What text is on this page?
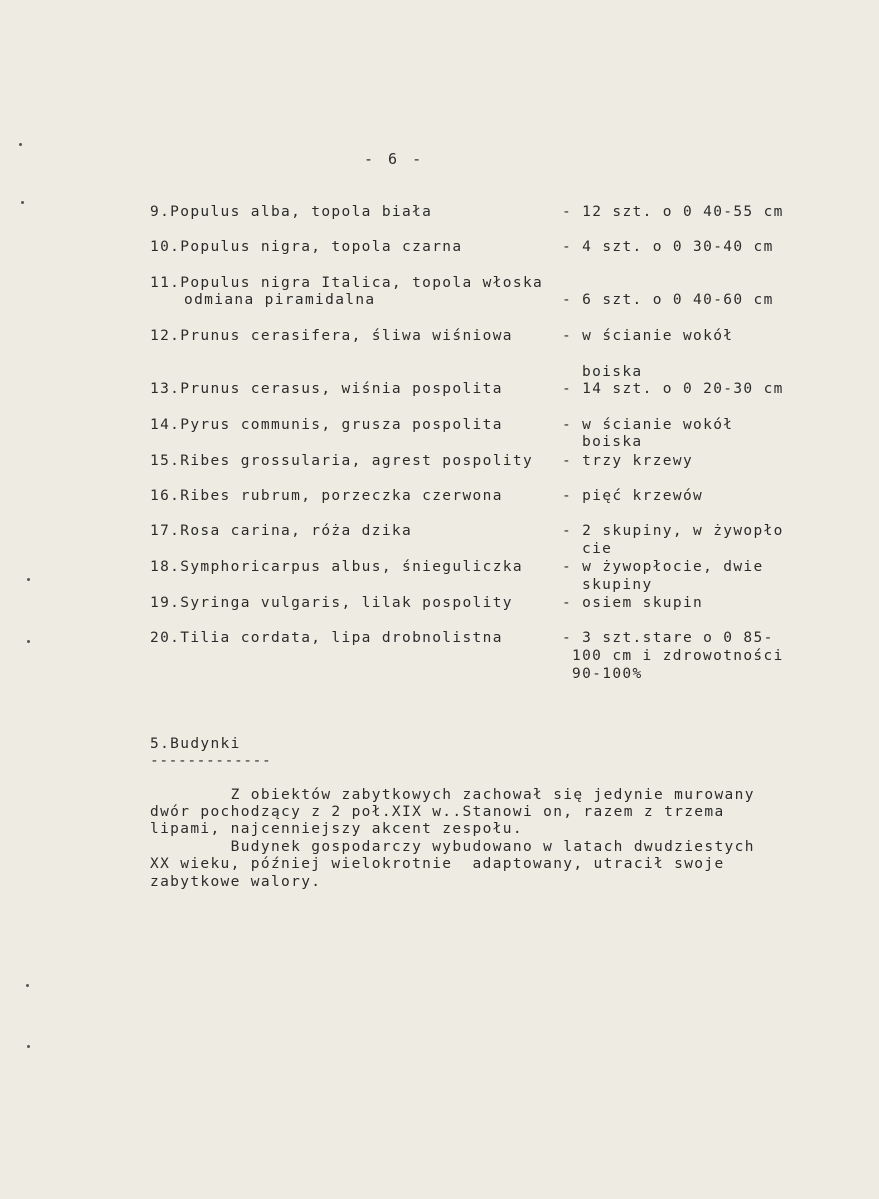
- 6 -
9.Populus alba, topola biała
10.Populus nigra, topola czarna
11.Populus nigra Italica, topola włoska
odmiana piramidalna
12.Prunus cerasifera, śliwa wiśniowa
13.Prunus cerasus, wiśnia pospolita
14.Pyrus communis, grusza pospolita
15.Ribes grossularia, agrest pospolity
16.Ribes rubrum, porzeczka czerwona
17.Rosa carina, róża dzika
18.Symphoricarpus albus, śnieguliczka
19.Syringa vulgaris, lilak pospolity
20.Tilia cordata, lipa drobnolistna
- 12 szt. o 0 40-55 cm
- 4 szt. o 0 30-40 cm
- 6 szt. o 0 40-60 cm
- w ścianie wokół
boiska
- 14 szt. o 0 20-30 cm
- w ścianie wokół
boiska
- trzy krzewy
- pięć krzewów
- 2 skupiny, w żywopło
cie
- w żywopłocie, dwie
skupiny
- osiem skupin
- 3 szt.stare o 0 85-
100 cm i zdrowotności
90-100%
5.Budynki
-------------
Z obiektów zabytkowych zachował się jedynie murowany
dwór pochodzący z 2 poł.XIX w..Stanowi on, razem z trzema
lipami, najcenniejszy akcent zespołu.
Budynek gospodarczy wybudowano w latach dwudziestych
XX wieku, później wielokrotnie  adaptowany, utracił swoje
zabytkowe walory.
